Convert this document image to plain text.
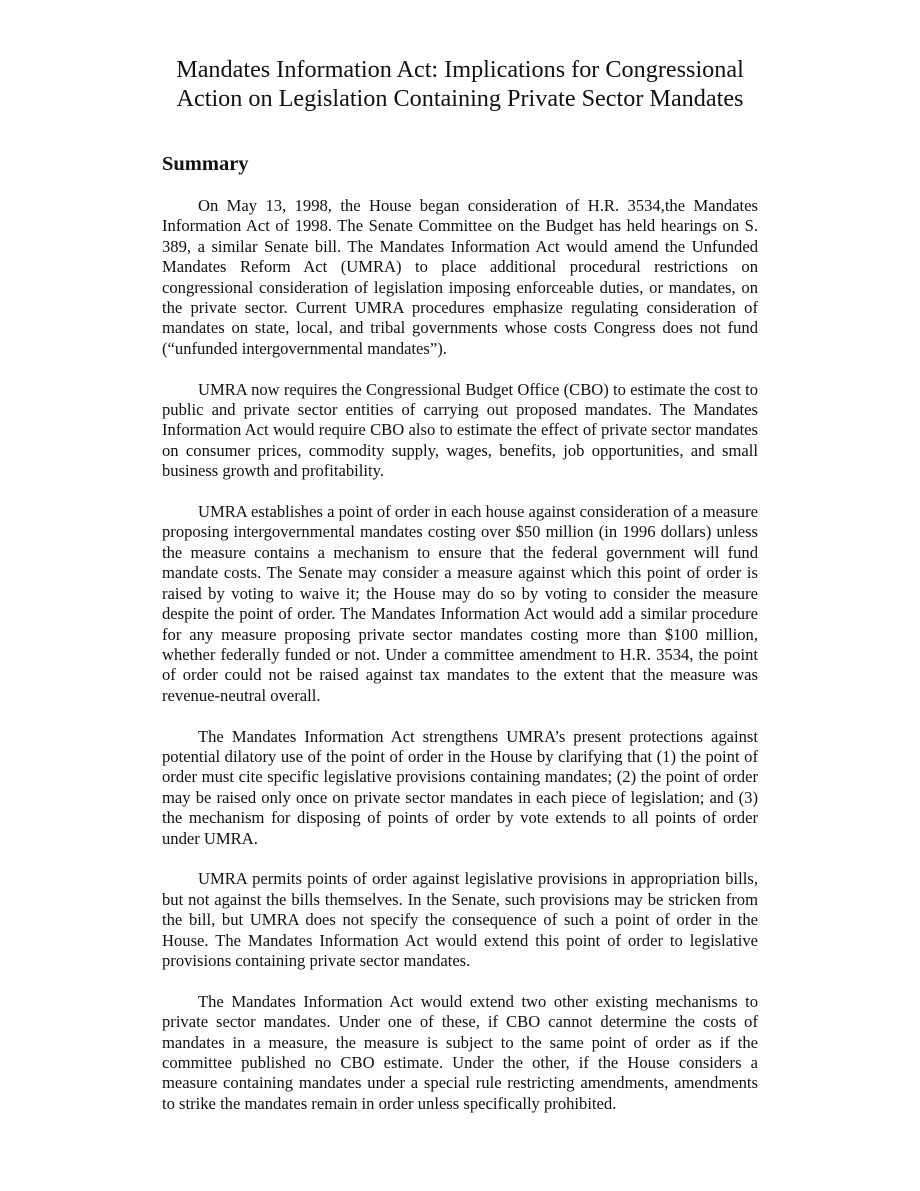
Mandates Information Act: Implications for Congressional
Action on Legislation Containing Private Sector Mandates
Summary

On May 13, 1998, the House began consideration of H.R. 3534,the Mandates Information Act of 1998. The Senate Committee on the Budget has held hearings on S. 389, a similar Senate bill. The Mandates Information Act would amend the Unfunded Mandates Reform Act (UMRA) to place additional procedural restrictions on congressional consideration of legislation imposing enforceable duties, or mandates, on the private sector. Current UMRA procedures emphasize regulating consideration of mandates on state, local, and tribal governments whose costs Congress does not fund (“unfunded intergovernmental mandates”).

UMRA now requires the Congressional Budget Office (CBO) to estimate the cost to public and private sector entities of carrying out proposed mandates. The Mandates Information Act would require CBO also to estimate the effect of private sector mandates on consumer prices, commodity supply, wages, benefits, job opportunities, and small business growth and profitability.

UMRA establishes a point of order in each house against consideration of a measure proposing intergovernmental mandates costing over $50 million (in 1996 dollars) unless the measure contains a mechanism to ensure that the federal government will fund mandate costs. The Senate may consider a measure against which this point of order is raised by voting to waive it; the House may do so by voting to consider the measure despite the point of order. The Mandates Information Act would add a similar procedure for any measure proposing private sector mandates costing more than $100 million, whether federally funded or not. Under a committee amendment to H.R. 3534, the point of order could not be raised against tax mandates to the extent that the measure was revenue-neutral overall.

The Mandates Information Act strengthens UMRA’s present protections against potential dilatory use of the point of order in the House by clarifying that (1) the point of order must cite specific legislative provisions containing mandates; (2) the point of order may be raised only once on private sector mandates in each piece of legislation; and (3) the mechanism for disposing of points of order by vote extends to all points of order under UMRA.

UMRA permits points of order against legislative provisions in appropriation bills, but not against the bills themselves. In the Senate, such provisions may be stricken from the bill, but UMRA does not specify the consequence of such a point of order in the House. The Mandates Information Act would extend this point of order to legislative provisions containing private sector mandates.

The Mandates Information Act would extend two other existing mechanisms to private sector mandates. Under one of these, if CBO cannot determine the costs of mandates in a measure, the measure is subject to the same point of order as if the committee published no CBO estimate. Under the other, if the House considers a measure containing mandates under a special rule restricting amendments, amendments to strike the mandates remain in order unless specifically prohibited.
